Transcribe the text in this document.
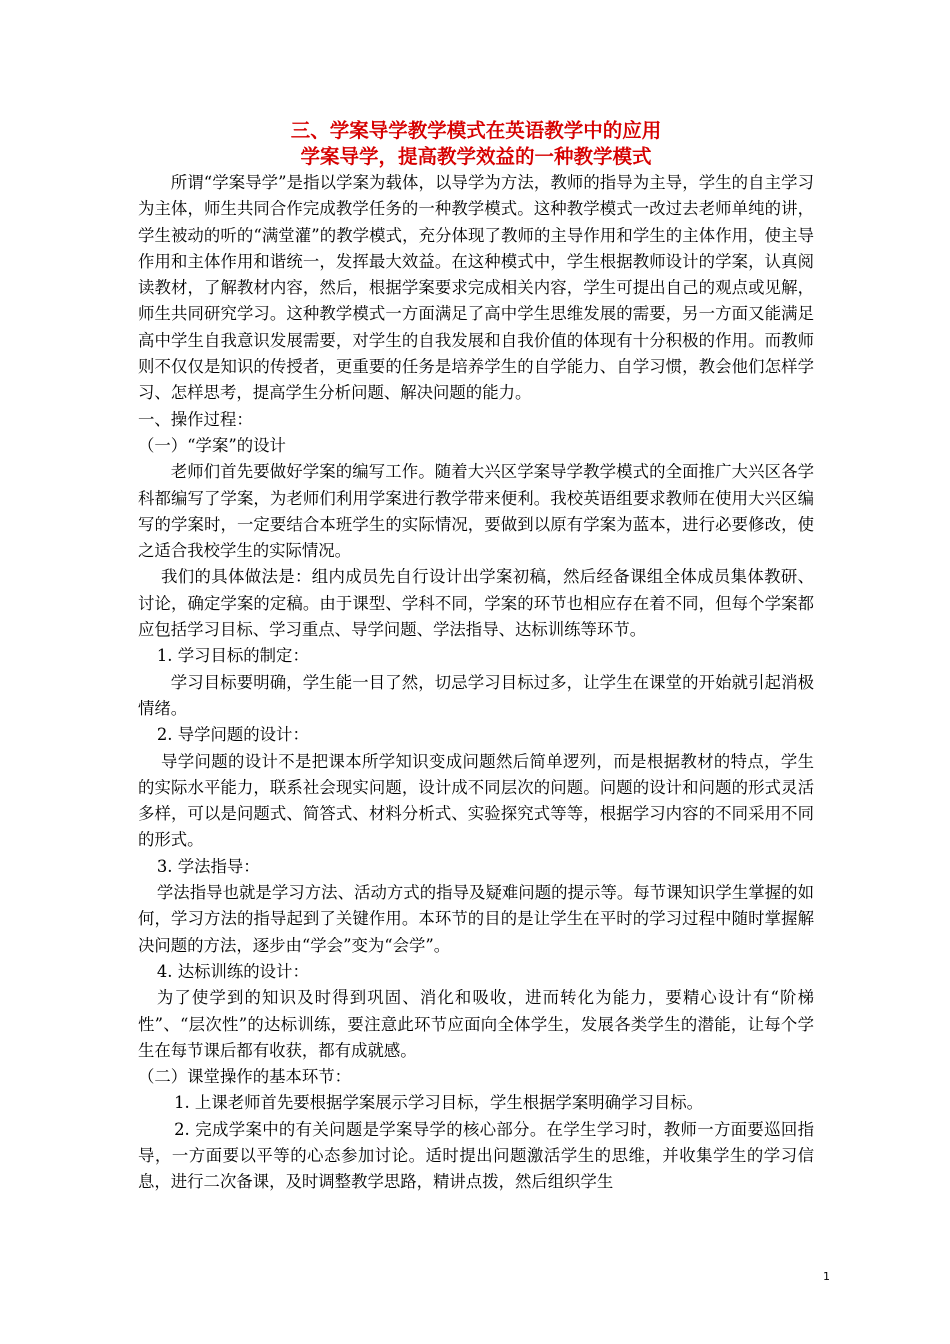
三、学案导学教学模式在英语教学中的应用
学案导学，提高教学效益的一种教学模式

所谓“学案导学”是指以学案为载体，以导学为方法，教师的指导为主导，学生的自主学习为主体，师生共同合作完成教学任务的一种教学模式。这种教学模式一改过去老师单纯的讲，学生被动的听的“满堂灌”的教学模式，充分体现了教师的主导作用和学生的主体作用，使主导作用和主体作用和谐统一，发挥最大效益。在这种模式中，学生根据教师设计的学案，认真阅读教材，了解教材内容，然后，根据学案要求完成相关内容，学生可提出自己的观点或见解，师生共同研究学习。这种教学模式一方面满足了高中学生思维发展的需要，另一方面又能满足高中学生自我意识发展需要，对学生的自我发展和自我价值的体现有十分积极的作用。而教师则不仅仅是知识的传授者，更重要的任务是培养学生的自学能力、自学习惯，教会他们怎样学习、怎样思考，提高学生分析问题、解决问题的能力。

一、操作过程：

（一）“学案”的设计

老师们首先要做好学案的编写工作。随着大兴区学案导学教学模式的全面推广大兴区各学科都编写了学案，为老师们利用学案进行教学带来便利。我校英语组要求教师在使用大兴区编写的学案时，一定要结合本班学生的实际情况，要做到以原有学案为蓝本，进行必要修改，使之适合我校学生的实际情况。

我们的具体做法是：组内成员先自行设计出学案初稿，然后经备课组全体成员集体教研、讨论，确定学案的定稿。由于课型、学科不同，学案的环节也相应存在着不同，但每个学案都应包括学习目标、学习重点、导学问题、学法指导、达标训练等环节。

1. 学习目标的制定：

学习目标要明确，学生能一目了然，切忌学习目标过多，让学生在课堂的开始就引起消极情绪。

2. 导学问题的设计：

导学问题的设计不是把课本所学知识变成问题然后简单逻列，而是根据教材的特点，学生的实际水平能力，联系社会现实问题，设计成不同层次的问题。问题的设计和问题的形式灵活多样，可以是问题式、简答式、材料分析式、实验探究式等等，根据学习内容的不同采用不同的形式。

3. 学法指导：

学法指导也就是学习方法、活动方式的指导及疑难问题的提示等。每节课知识学生掌握的如何，学习方法的指导起到了关键作用。本环节的目的是让学生在平时的学习过程中随时掌握解决问题的方法，逐步由“学会”变为“会学”。

4. 达标训练的设计：

为了使学到的知识及时得到巩固、消化和吸收，进而转化为能力，要精心设计有“阶梯性”、“层次性”的达标训练，要注意此环节应面向全体学生，发展各类学生的潜能，让每个学生在每节课后都有收获，都有成就感。

（二）课堂操作的基本环节：

1. 上课老师首先要根据学案展示学习目标，学生根据学案明确学习目标。

2. 完成学案中的有关问题是学案导学的核心部分。在学生学习时，教师一方面要巡回指导，一方面要以平等的心态参加讨论。适时提出问题激活学生的思维，并收集学生的学习信息，进行二次备课，及时调整教学思路，精讲点拨，然后组织学生

1
